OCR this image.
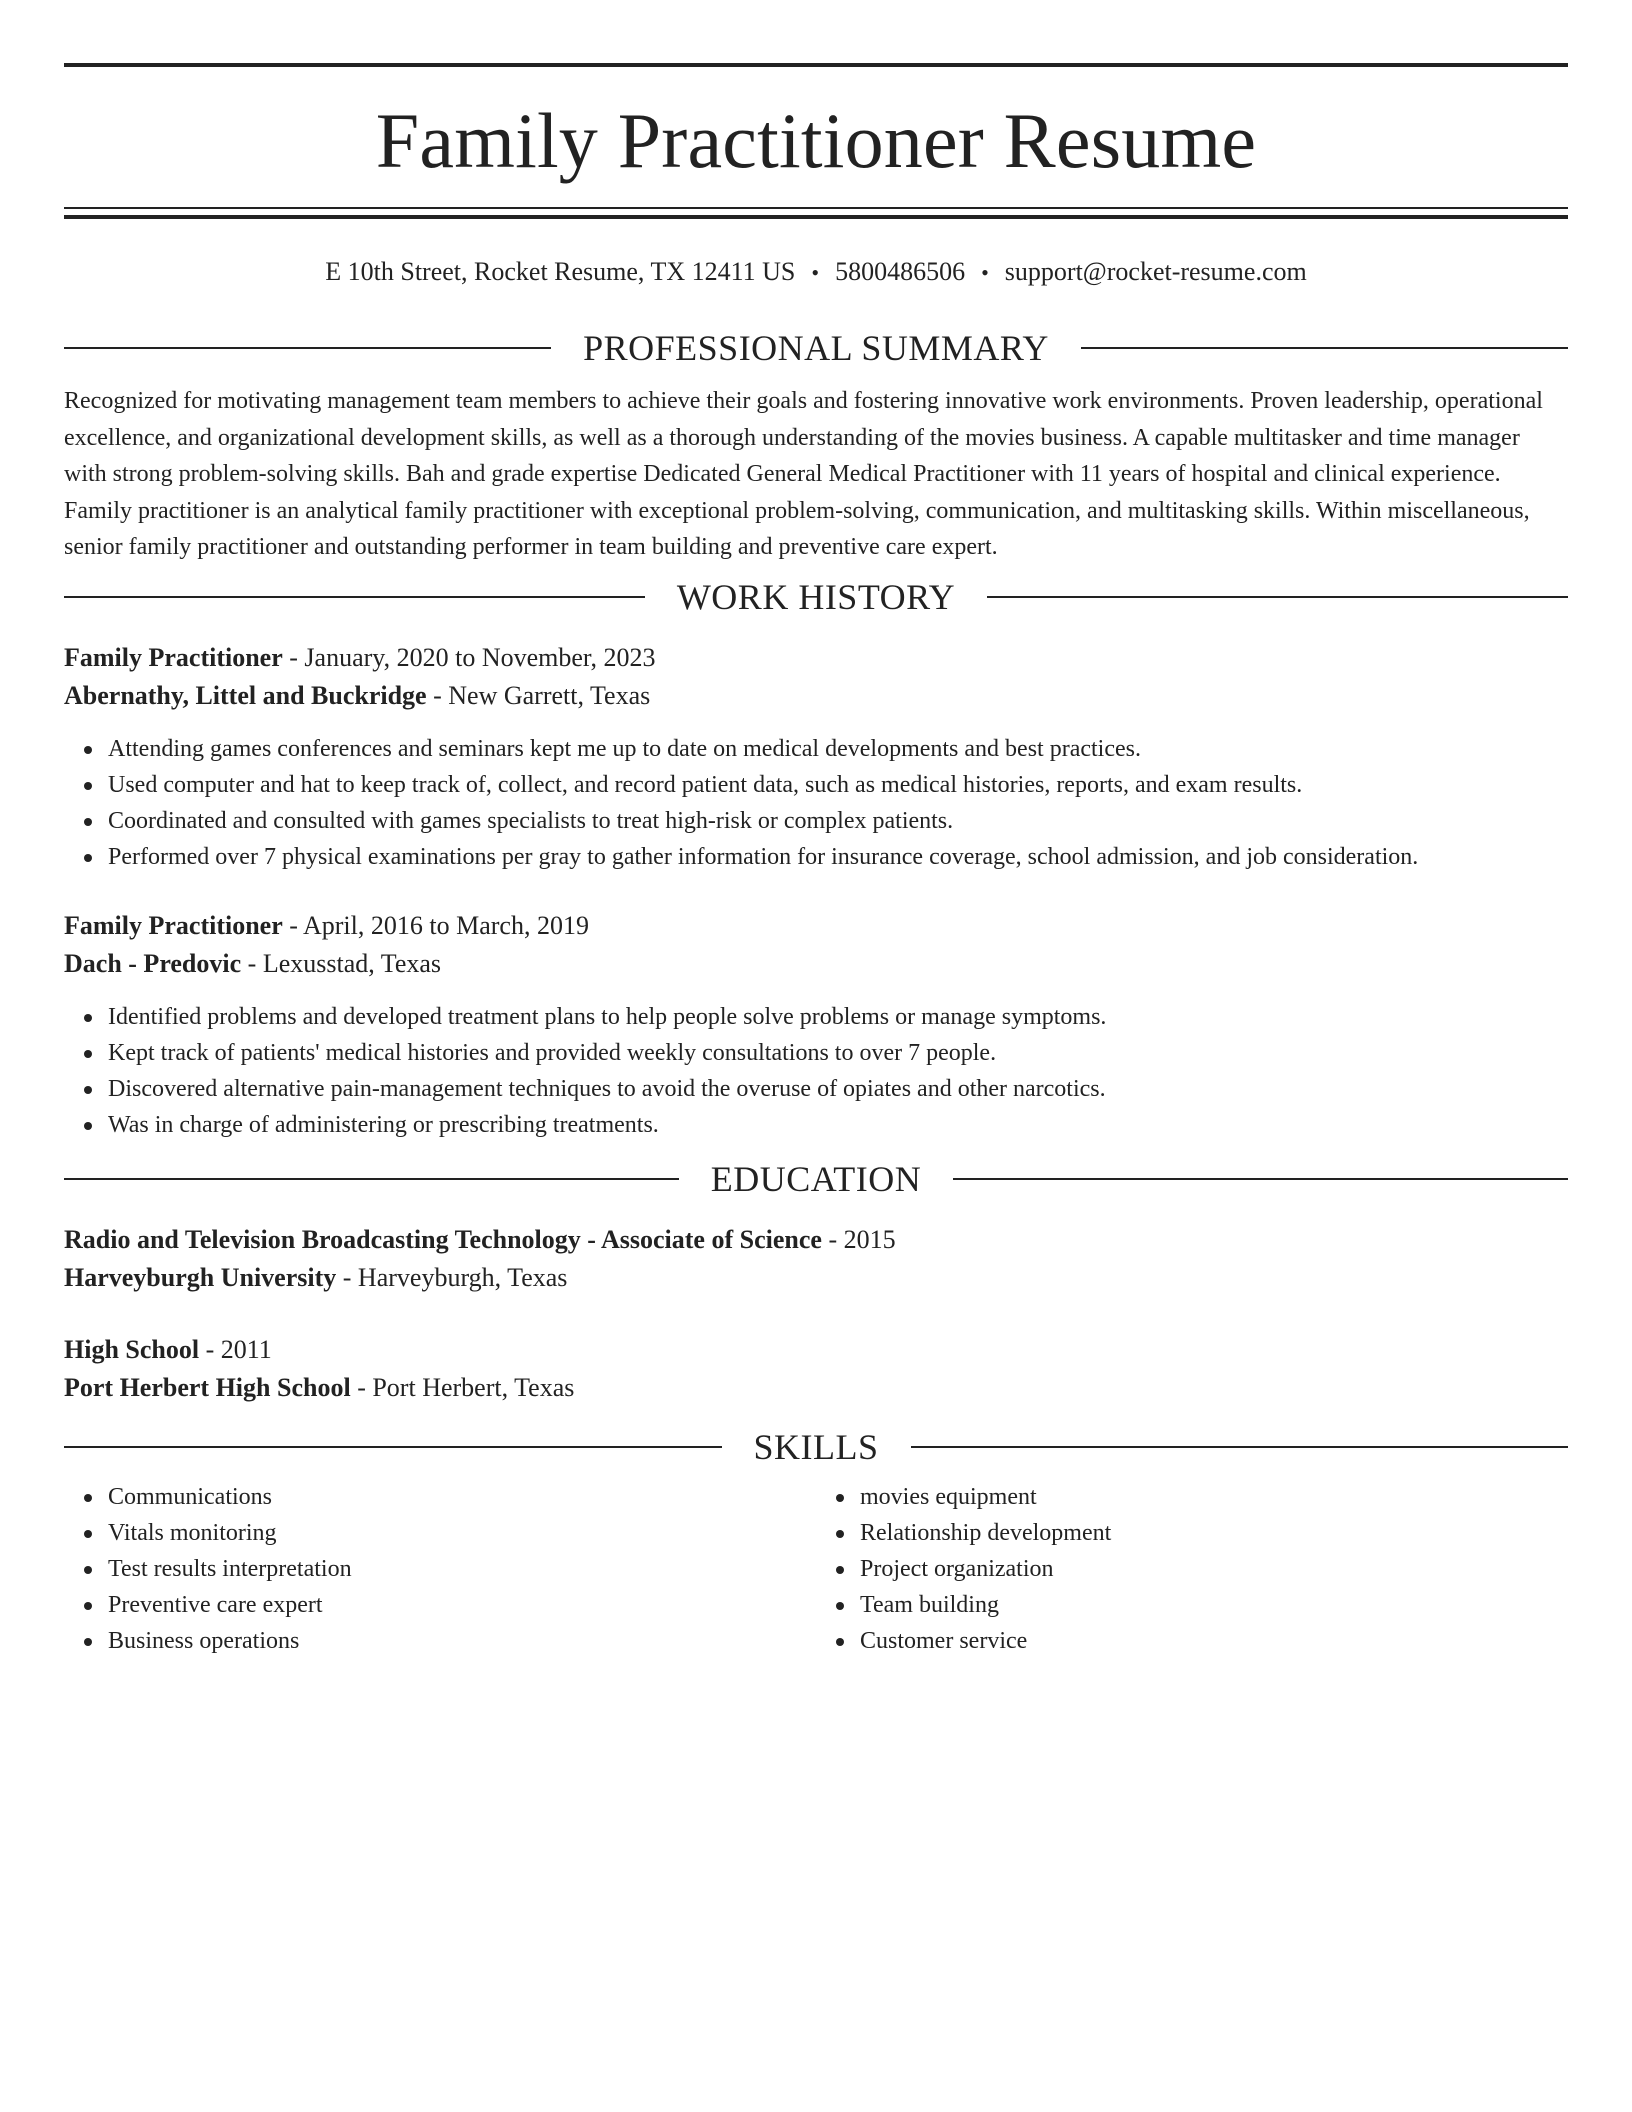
Family Practitioner Resume
E 10th Street, Rocket Resume, TX 12411 US • 5800486506 • support@rocket-resume.com
PROFESSIONAL SUMMARY

Recognized for motivating management team members to achieve their goals and fostering innovative work environments. Proven leadership, operational excellence, and organizational development skills, as well as a thorough understanding of the movies business. A capable multitasker and time manager with strong problem-solving skills. Bah and grade expertise Dedicated General Medical Practitioner with 11 years of hospital and clinical experience. Family practitioner is an analytical family practitioner with exceptional problem-solving, communication, and multitasking skills. Within miscellaneous, senior family practitioner and outstanding performer in team building and preventive care expert.

WORK HISTORY
Family Practitioner - January, 2020 to November, 2023
Abernathy, Littel and Buckridge - New Garrett, Texas
Attending games conferences and seminars kept me up to date on medical developments and best practices.
Used computer and hat to keep track of, collect, and record patient data, such as medical histories, reports, and exam results.
Coordinated and consulted with games specialists to treat high-risk or complex patients.
Performed over 7 physical examinations per gray to gather information for insurance coverage, school admission, and job consideration.
Family Practitioner - April, 2016 to March, 2019
Dach - Predovic - Lexusstad, Texas
Identified problems and developed treatment plans to help people solve problems or manage symptoms.
Kept track of patients' medical histories and provided weekly consultations to over 7 people.
Discovered alternative pain-management techniques to avoid the overuse of opiates and other narcotics.
Was in charge of administering or prescribing treatments.
EDUCATION
Radio and Television Broadcasting Technology - Associate of Science - 2015
Harveyburgh University - Harveyburgh, Texas
High School - 2011
Port Herbert High School - Port Herbert, Texas
SKILLS
Communications
Vitals monitoring
Test results interpretation
Preventive care expert
Business operations
movies equipment
Relationship development
Project organization
Team building
Customer service
